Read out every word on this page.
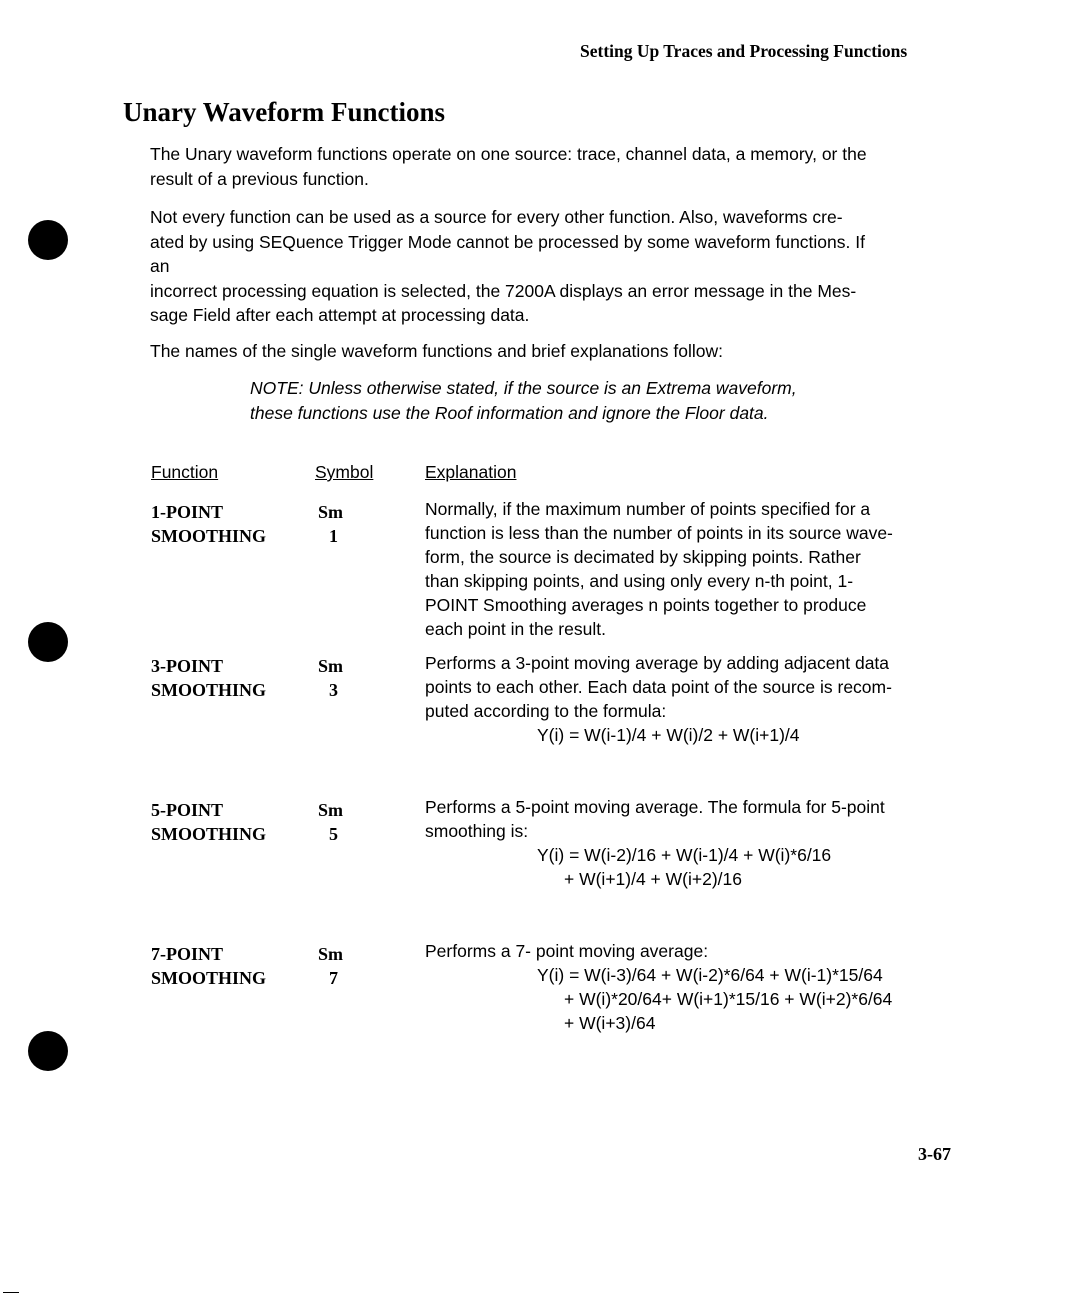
Setting Up Traces and Processing Functions
Unary Waveform Functions
The Unary waveform functions operate on one source: trace, channel data, a memory, or the
result of a previous function.
Not every function can be used as a source for every other function. Also, waveforms cre-
ated by using SEQuence Trigger Mode cannot be processed by some waveform functions. If
an
incorrect processing equation is selected, the 7200A displays an error message in the Mes-
sage Field after each attempt at processing data.
The names of the single waveform functions and brief explanations follow:
NOTE: Unless otherwise stated, if the source is an Extrema waveform,
these functions use the Roof information and ignore the Floor data.
Function	Symbol	Explanation
1-POINT
SMOOTHING
Sm
1
Normally, if the maximum number of points specified for a
function is less than the number of points in its source wave-
form, the source is decimated by skipping points. Rather
than skipping points, and using only every n-th point, 1-
POINT Smoothing averages n points together to produce
each point in the result.
3-POINT
SMOOTHING
Sm
3
Performs a 3-point moving average by adding adjacent data
points to each other. Each data point of the source is recom-
puted according to the formula:
Y(i) = W(i-1)/4 + W(i)/2 + W(i+1)/4
5-POINT
SMOOTHING
Sm
5
Performs a 5-point moving average. The formula for 5-point
smoothing is:
Y(i) = W(i-2)/16 + W(i-1)/4 + W(i)*6/16
+ W(i+1)/4 + W(i+2)/16
7-POINT
SMOOTHING
Sm
7
Performs a 7- point moving average:
Y(i) = W(i-3)/64 + W(i-2)*6/64 + W(i-1)*15/64
+ W(i)*20/64+ W(i+1)*15/16 + W(i+2)*6/64
+ W(i+3)/64
3-67
